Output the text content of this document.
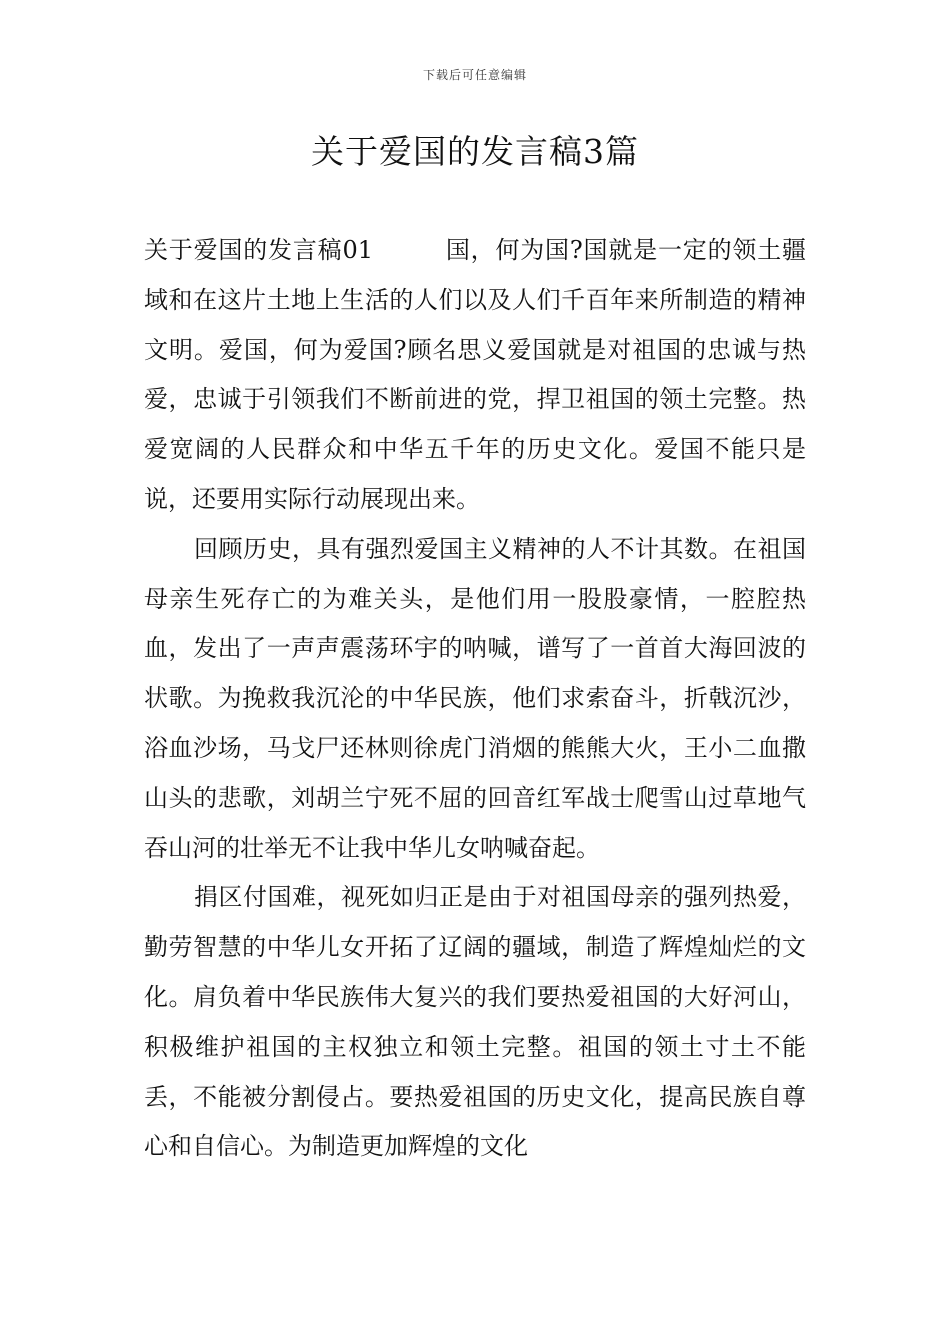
下载后可任意编辑
关于爱国的发言稿3篇

关于爱国的发言稿01	国，何为国?国就是一定的领土疆域和在这片土地上生活的人们以及人们千百年来所制造的精神文明。爱国，何为爱国?顾名思义爱国就是对祖国的忠诚与热爱，忠诚于引领我们不断前进的党，捍卫祖国的领土完整。热爱宽阔的人民群众和中华五千年的历史文化。爱国不能只是说，还要用实际行动展现出来。

回顾历史，具有强烈爱国主义精神的人不计其数。在祖国母亲生死存亡的为难关头，是他们用一股股豪情，一腔腔热血，发出了一声声震荡环宇的呐喊，谱写了一首首大海回波的状歌。为挽救我沉沦的中华民族，他们求索奋斗，折戟沉沙，浴血沙场，马戈尸还林则徐虎门消烟的熊熊大火，王小二血撒山头的悲歌，刘胡兰宁死不屈的回音红军战士爬雪山过草地气吞山河的壮举无不让我中华儿女呐喊奋起。

捐区付国难，视死如归正是由于对祖国母亲的强列热爱，勤劳智慧的中华儿女开拓了辽阔的疆域，制造了辉煌灿烂的文化。肩负着中华民族伟大复兴的我们要热爱祖国的大好河山，积极维护祖国的主权独立和领土完整。祖国的领土寸土不能丢，不能被分割侵占。要热爱祖国的历史文化，提高民族自尊心和自信心。为制造更加辉煌的文化
